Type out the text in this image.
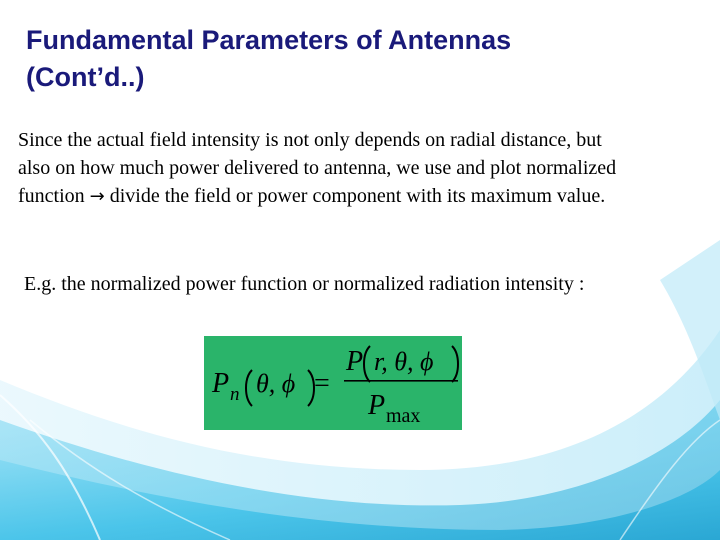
Fundamental Parameters of Antennas
(Cont’d..)
Since the actual field intensity is not only depends on radial distance, but
also on how much power delivered to antenna, we use and plot normalized
function → divide the field or power component with its maximum value.
E.g. the normalized power function or normalized radiation intensity :
P n θ, ϕ =
P r, θ, ϕ
P max
